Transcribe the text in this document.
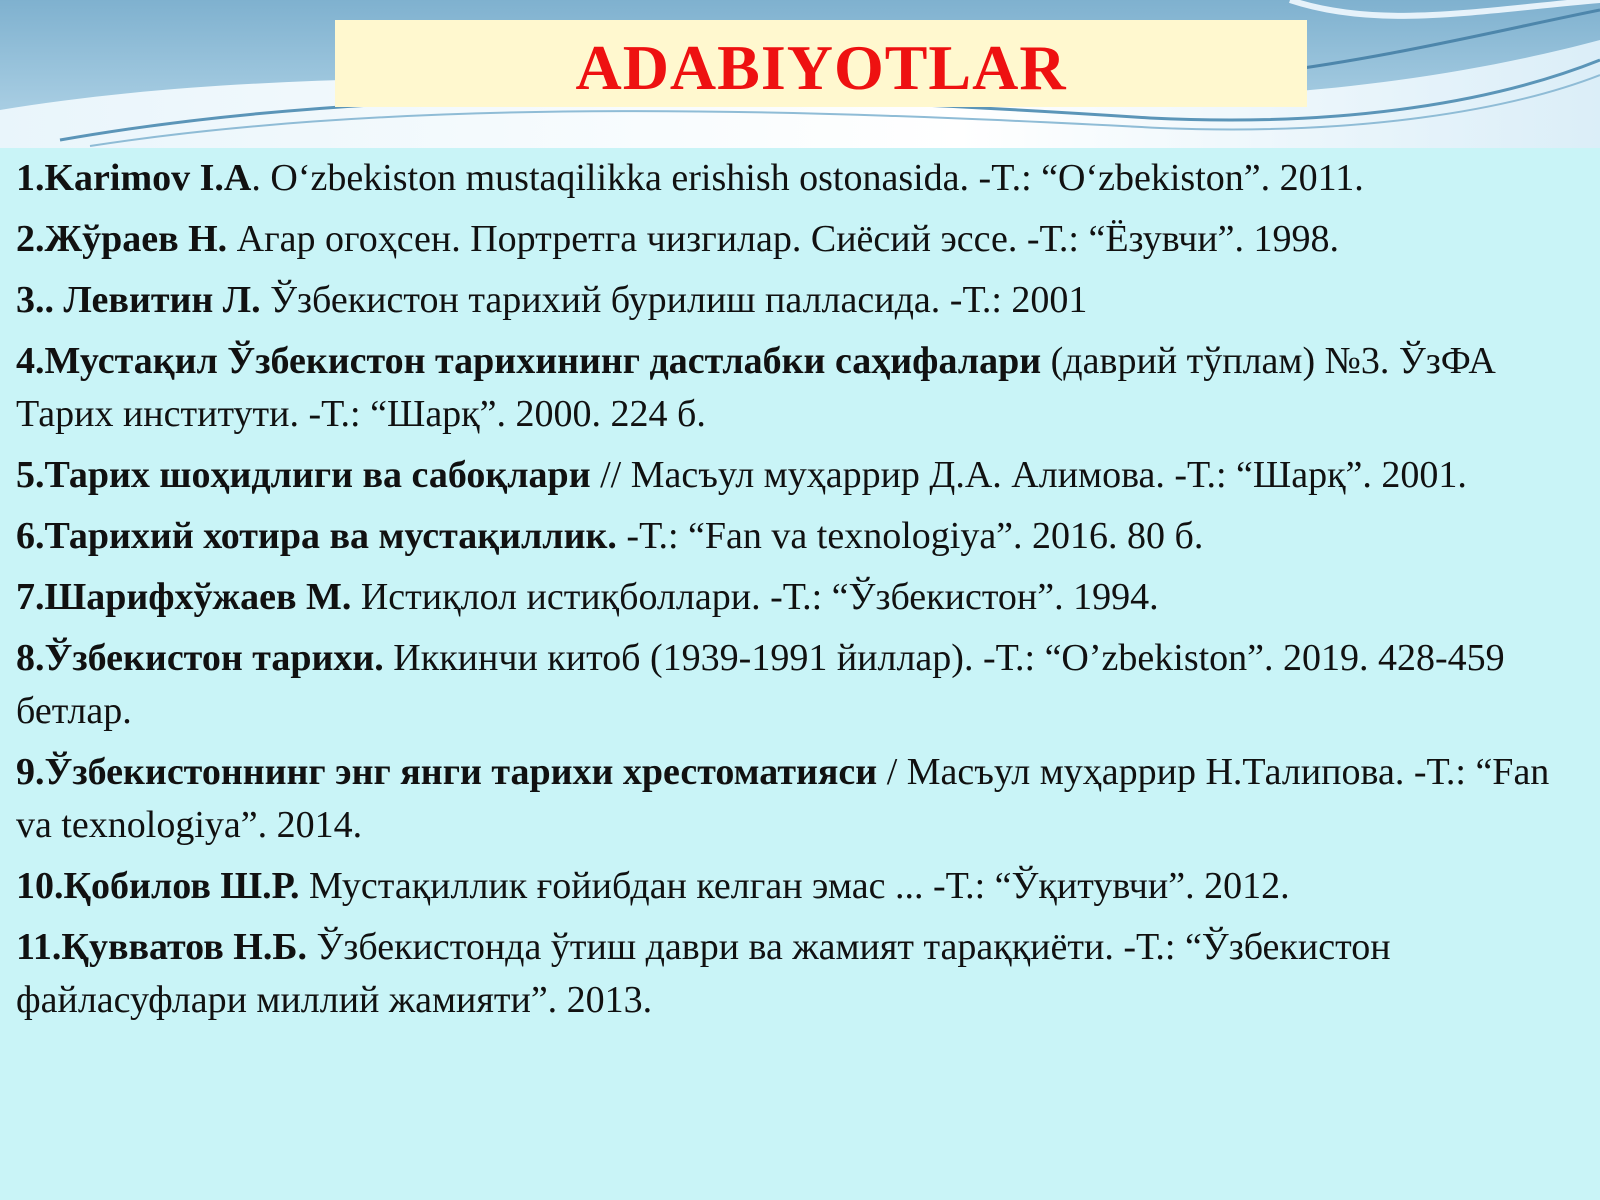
ADABIYOTLAR

1.Karimov I.A. O‘zbekiston mustaqilikka erishish ostonasida. -T.: “O‘zbekiston”. 2011.

2.Жўраев Н. Агар огоҳсен. Портретга чизгилар. Сиёсий эссе. -Т.: “Ёзувчи”. 1998.

3.. Левитин Л. Ўзбекистон тарихий бурилиш палласида. -Т.: 2001

4.Мустақил Ўзбекистон тарихининг дастлабки саҳифалари (даврий тўплам) №3. ЎзФА Тарих институти. -Т.: “Шарқ”. 2000. 224 б.

5.Тарих шоҳидлиги ва сабоқлари // Масъул муҳаррир Д.А. Алимова. -Т.: “Шарқ”. 2001.

6.Тарихий хотира ва мустақиллик. -Т.: “Fan va texnologiya”. 2016. 80 б.

7.Шарифхўжаев М. Истиқлол истиқболлари. -Т.: “Ўзбекистон”. 1994.

8.Ўзбекистон тарихи. Иккинчи китоб (1939-1991 йиллар). -Т.: “O’zbekiston”. 2019. 428-459 бетлар.

9.Ўзбекистоннинг энг янги тарихи хрестоматияси / Масъул муҳаррир Н.Талипова. -Т.: “Fan va texnologiya”. 2014.

10.Қобилов Ш.Р. Мустақиллик ғойибдан келган эмас ... -Т.: “Ўқитувчи”. 2012.

11.Қувватов Н.Б. Ўзбекистонда ўтиш даври ва жамият тараққиёти. -Т.: “Ўзбекистон файласуфлари миллий жамияти”. 2013.
